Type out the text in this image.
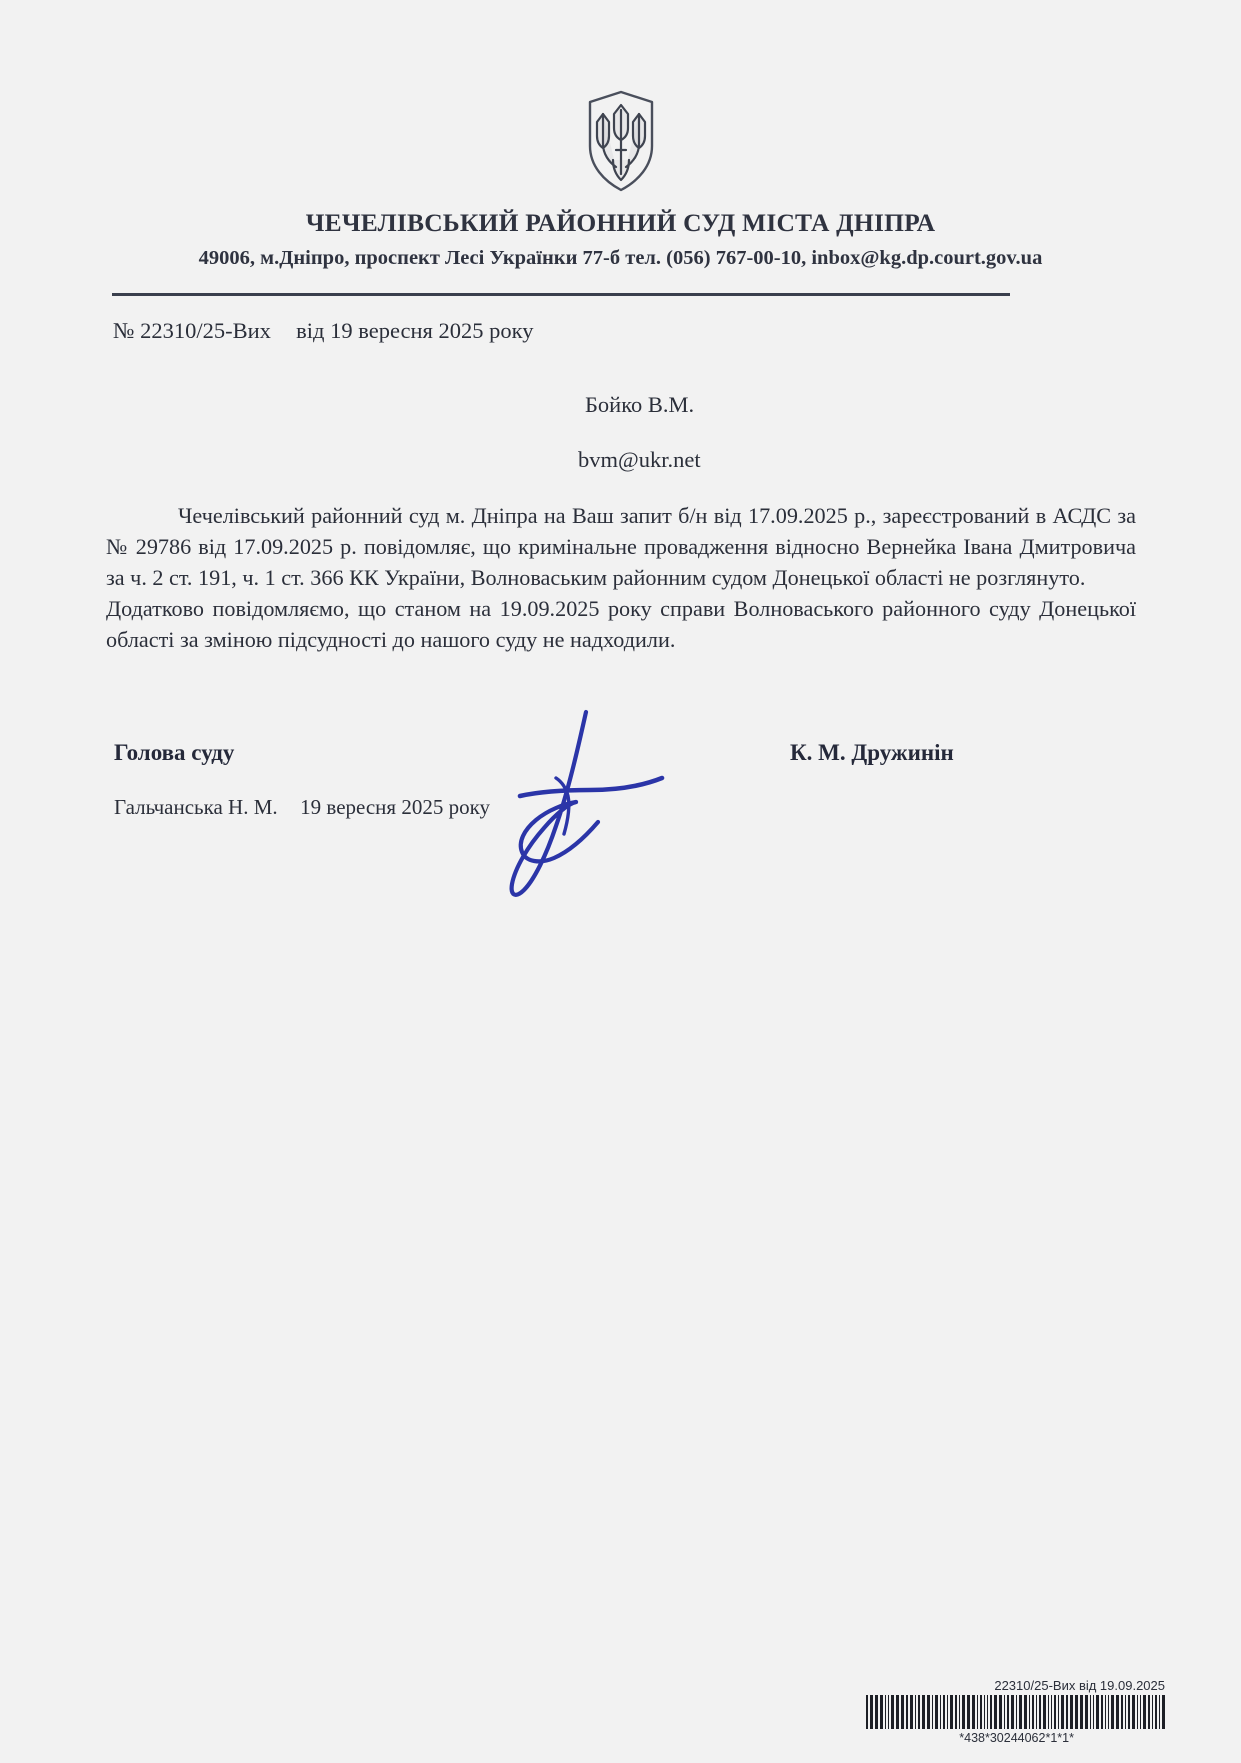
ЧЕЧЕЛІВСЬКИЙ РАЙОННИЙ СУД МІСТА ДНІПРА
49006, м.Дніпро, проспект Лесі Українки 77-б тел. (056) 767-00-10, inbox@kg.dp.court.gov.ua
№ 22310/25-Вих від 19 вересня 2025 року
Бойко В.М.
bvm@ukr.net

Чечелівський районний суд м. Дніпра на Ваш запит б/н від 17.09.2025 р., зареєстрований в АСДС за № 29786 від 17.09.2025 р. повідомляє, що кримінальне провадження відносно Вернейка Івана Дмитровича за ч. 2 ст. 191, ч. 1 ст. 366 КК України, Волноваським районним судом Донецької області не розглянуто.

Додатково повідомляємо, що станом на 19.09.2025 року справи Волноваського районного суду Донецької області за зміною підсудності до нашого суду не надходили.

Голова суду	К. М. Дружинін
Гальчанська Н. М. 19 вересня 2025 року
22310/25-Вих від 19.09.2025
*438*30244062*1*1*
